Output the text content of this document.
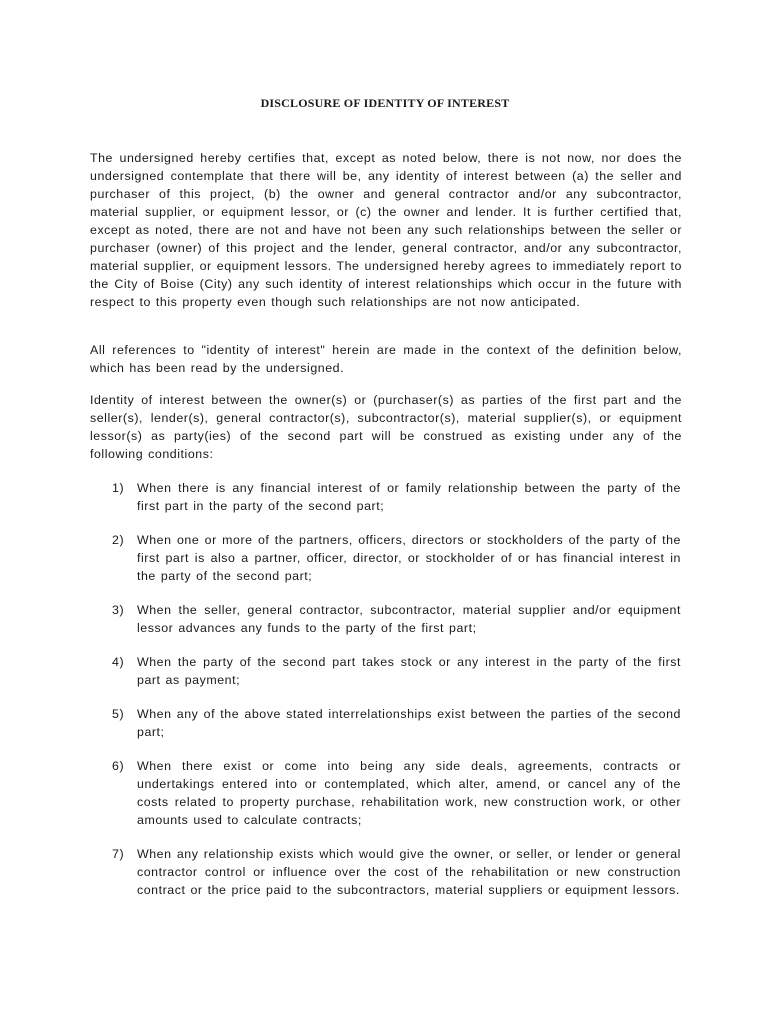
DISCLOSURE OF IDENTITY OF INTEREST

The undersigned hereby certifies that, except as noted below, there is not now, nor does the undersigned contemplate that there will be, any identity of interest between (a) the seller and purchaser of this project, (b) the owner and general contractor and/or any subcontractor, material supplier, or equipment lessor, or (c) the owner and lender. It is further certified that, except as noted, there are not and have not been any such relationships between the seller or purchaser (owner) of this project and the lender, general contractor, and/or any subcontractor, material supplier, or equipment lessors. The undersigned hereby agrees to immediately report to the City of Boise (City) any such identity of interest relationships which occur in the future with respect to this property even though such relationships are not now anticipated.

All references to "identity of interest" herein are made in the context of the definition below, which has been read by the undersigned.

Identity of interest between the owner(s) or (purchaser(s) as parties of the first part and the seller(s), lender(s), general contractor(s), subcontractor(s), material supplier(s), or equipment lessor(s) as party(ies) of the second part will be construed as existing under any of the following conditions:

1) When there is any financial interest of or family relationship between the party of the first part in the party of the second part;

2) When one or more of the partners, officers, directors or stockholders of the party of the first part is also a partner, officer, director, or stockholder of or has financial interest in the party of the second part;

3) When the seller, general contractor, subcontractor, material supplier and/or equipment lessor advances any funds to the party of the first part;

4) When the party of the second part takes stock or any interest in the party of the first part as payment;

5) When any of the above stated interrelationships exist between the parties of the second part;

6) When there exist or come into being any side deals, agreements, contracts or undertakings entered into or contemplated, which alter, amend, or cancel any of the costs related to property purchase, rehabilitation work, new construction work, or other amounts used to calculate contracts;

7) When any relationship exists which would give the owner, or seller, or lender or general contractor control or influence over the cost of the rehabilitation or new construction contract or the price paid to the subcontractors, material suppliers or equipment lessors.
